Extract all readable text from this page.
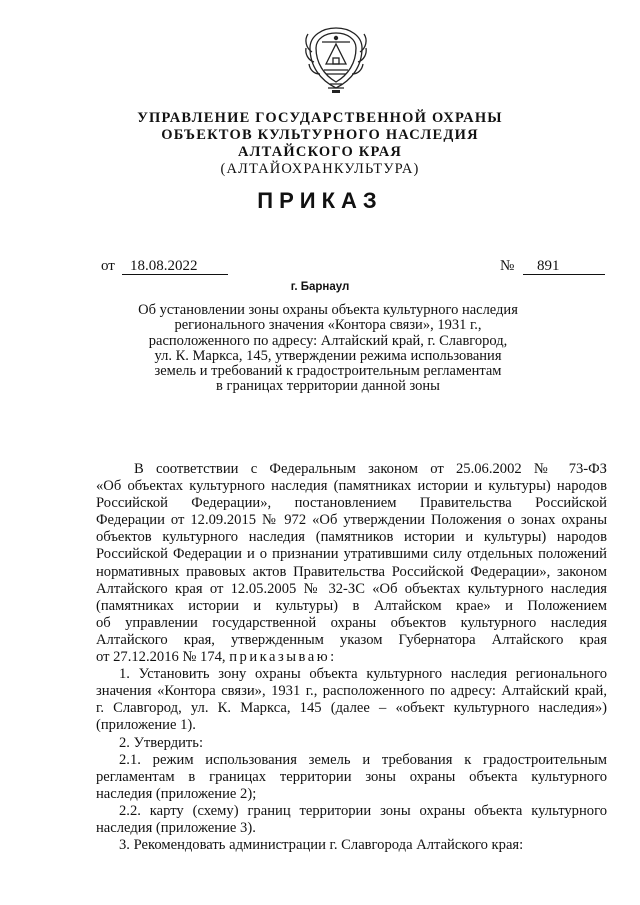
УПРАВЛЕНИЕ ГОСУДАРСТВЕННОЙ ОХРАНЫ
ОБЪЕКТОВ КУЛЬТУРНОГО НАСЛЕДИЯ
АЛТАЙСКОГО КРАЯ
(АЛТАЙОХРАНКУЛЬТУРА)
ПРИКАЗ
от	18.08.2022	№	891
г. Барнаул
Об установлении зоны охраны объекта культурного наследия
регионального значения «Контора связи», 1931 г.,
расположенного по адресу: Алтайский край, г. Славгород,
ул. К. Маркса, 145, утверждении режима использования
земель и требований к градостроительным регламентам
в границах территории данной зоны
В соответствии с Федеральным законом от 25.06.2002 № 73-ФЗ
«Об объектах культурного наследия (памятниках истории и культуры) народов
Российской Федерации», постановлением Правительства Российской
Федерации от 12.09.2015 № 972 «Об утверждении Положения о зонах охраны
объектов культурного наследия (памятников истории и культуры) народов
Российской Федерации и о признании утратившими силу отдельных положений
нормативных правовых актов Правительства Российской Федерации», законом
Алтайского края от 12.05.2005 № 32-ЗС «Об объектах культурного наследия
(памятниках истории и культуры) в Алтайском крае» и Положением
об управлении государственной охраны объектов культурного наследия
Алтайского края, утвержденным указом Губернатора Алтайского края
от 27.12.2016 № 174, приказываю:
1. Установить зону охраны объекта культурного наследия регионального
значения «Контора связи», 1931 г., расположенного по адресу: Алтайский край,
г. Славгород, ул. К. Маркса, 145 (далее – «объект культурного наследия»)
(приложение 1).
2. Утвердить:
2.1. режим использования земель и требования к градостроительным
регламентам в границах территории зоны охраны объекта культурного
наследия (приложение 2);
2.2. карту (схему) границ территории зоны охраны объекта культурного
наследия (приложение 3).
3. Рекомендовать администрации г. Славгорода Алтайского края:
